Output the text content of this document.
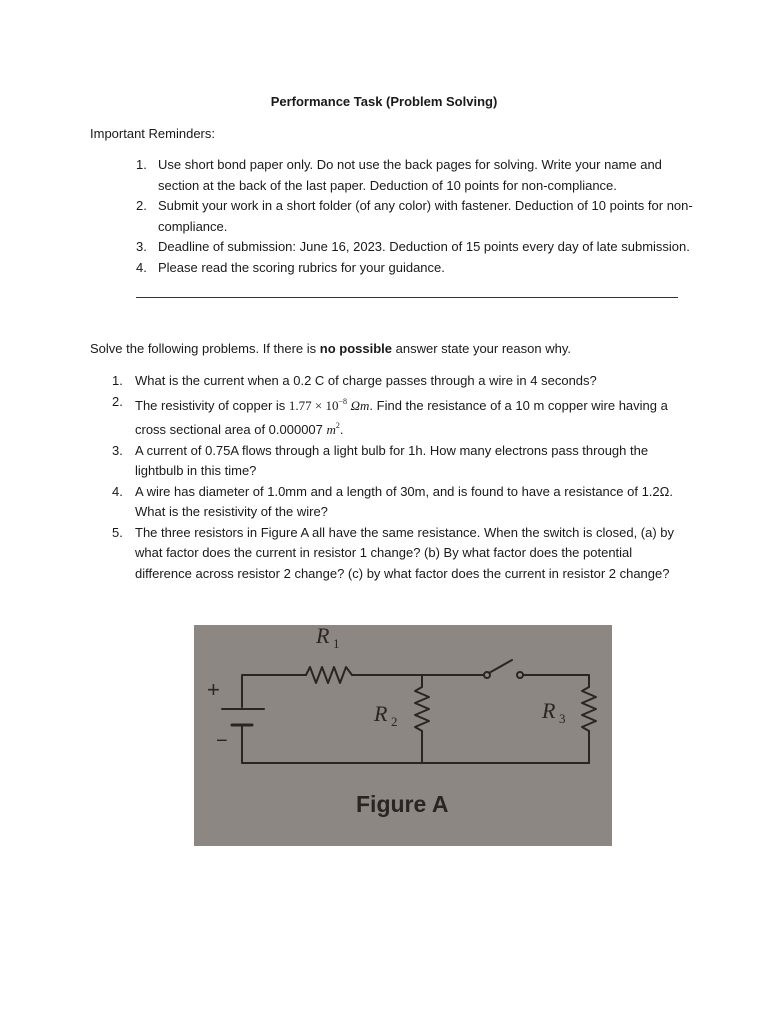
Performance Task (Problem Solving)
Important Reminders:
1. Use short bond paper only. Do not use the back pages for solving. Write your name and section at the back of the last paper. Deduction of 10 points for non-compliance.
2. Submit your work in a short folder (of any color) with fastener. Deduction of 10 points for non-compliance.
3. Deadline of submission: June 16, 2023. Deduction of 15 points every day of late submission.
4. Please read the scoring rubrics for your guidance.
Solve the following problems. If there is no possible answer state your reason why.
1. What is the current when a 0.2 C of charge passes through a wire in 4 seconds?
2. The resistivity of copper is $1.77 \times 10^{-8}$ Ωm. Find the resistance of a 10 m copper wire having a cross sectional area of 0.000007 $m^2$.
3. A current of 0.75A flows through a light bulb for 1h. How many electrons pass through the lightbulb in this time?
4. A wire has diameter of 1.0mm and a length of 30m, and is found to have a resistance of 1.2Ω. What is the resistivity of the wire?
5. The three resistors in Figure A all have the same resistance. When the switch is closed, (a) by what factor does the current in resistor 1 change? (b) By what factor does the potential difference across resistor 2 change? (c) by what factor does the current in resistor 2 change?
R 1
R 2	R 3
+
−
Figure A
